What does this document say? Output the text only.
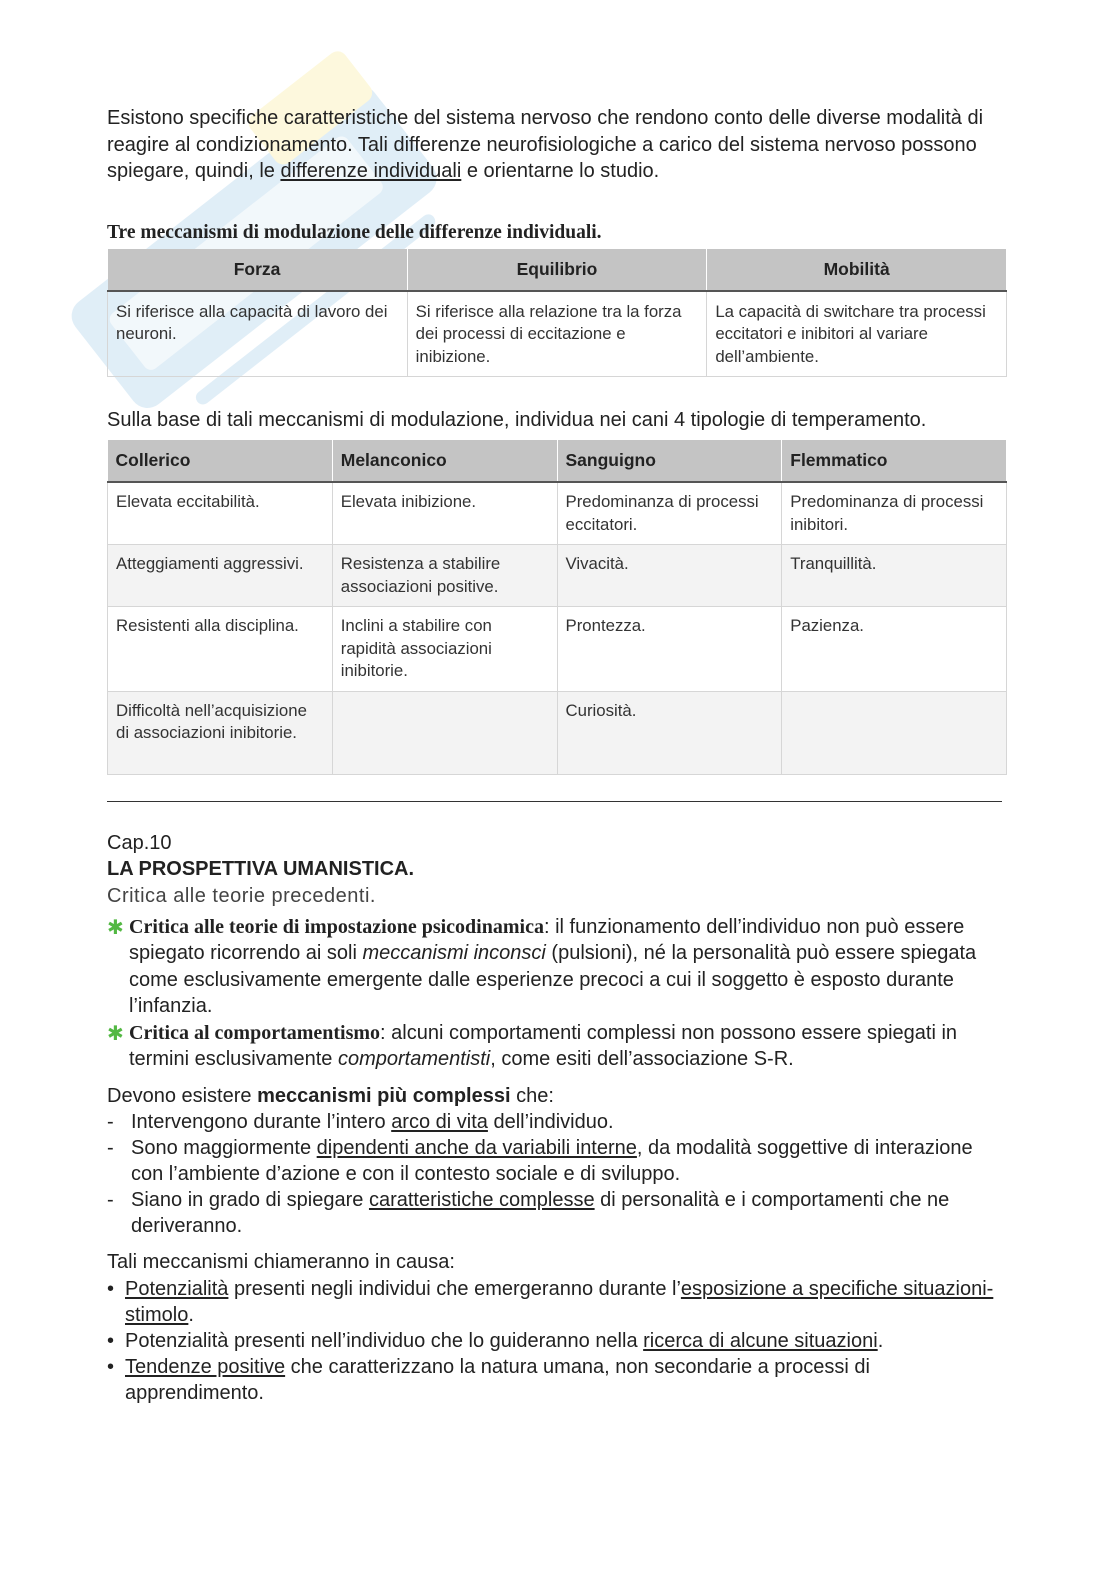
Esistono specifiche caratteristiche del sistema nervoso che rendono conto delle diverse modalità di reagire al condizionamento. Tali differenze neurofisiologiche a carico del sistema nervoso possono spiegare, quindi, le differenze individuali e orientarne lo studio.

Tre meccanismi di modulazione delle differenze individuali.
Forza	Equilibrio	Mobilità
Si riferisce alla capacità di lavoro dei neuroni.	Si riferisce alla relazione tra la forza dei processi di eccitazione e inibizione.	La capacità di switchare tra processi eccitatori e inibitori al variare dell’ambiente.

Sulla base di tali meccanismi di modulazione, individua nei cani 4 tipologie di temperamento.

Collerico	Melanconico	Sanguigno	Flemmatico
Elevata eccitabilità.	Elevata inibizione.	Predominanza di processi eccitatori.	Predominanza di processi inibitori.
Atteggiamenti aggressivi.	Resistenza a stabilire associazioni positive.	Vivacità.	Tranquillità.
Resistenti alla disciplina.	Inclini a stabilire con rapidità associazioni inibitorie.	Prontezza.	Pazienza.
Difficoltà nell’acquisizione di associazioni inibitorie.		Curiosità.	
Cap.10
LA PROSPETTIVA UMANISTICA.
Critica alle teorie precedenti.
✱ Critica alle teorie di impostazione psicodinamica: il funzionamento dell’individuo non può essere spiegato ricorrendo ai soli meccanismi inconsci (pulsioni), né la personalità può essere spiegata come esclusivamente emergente dalle esperienze precoci a cui il soggetto è esposto durante l’infanzia.
✱ Critica al comportamentismo: alcuni comportamenti complessi non possono essere spiegati in termini esclusivamente comportamentisti, come esiti dell’associazione S-R.

Devono esistere meccanismi più complessi che:

- Intervengono durante l’intero arco di vita dell’individuo.
- Sono maggiormente dipendenti anche da variabili interne, da modalità soggettive di interazione con l’ambiente d’azione e con il contesto sociale e di sviluppo.
- Siano in grado di spiegare caratteristiche complesse di personalità e i comportamenti che ne deriveranno.

Tali meccanismi chiameranno in causa:

• Potenzialità presenti negli individui che emergeranno durante l’esposizione a specifiche situazioni-stimolo.
• Potenzialità presenti nell’individuo che lo guideranno nella ricerca di alcune situazioni.
• Tendenze positive che caratterizzano la natura umana, non secondarie a processi di apprendimento.
